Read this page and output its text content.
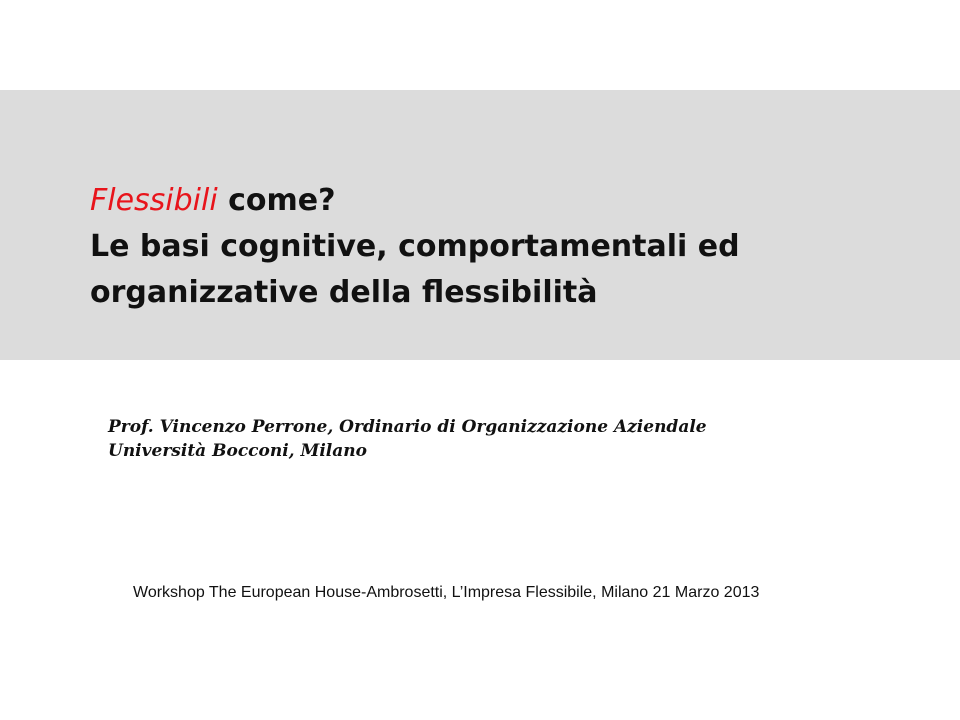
Flessibili come?
Le basi cognitive, comportamentali ed
organizzative della flessibilità
Prof. Vincenzo Perrone, Ordinario di Organizzazione Aziendale
Università Bocconi, Milano
Workshop The European House-Ambrosetti, L’Impresa Flessibile, Milano 21 Marzo 2013
